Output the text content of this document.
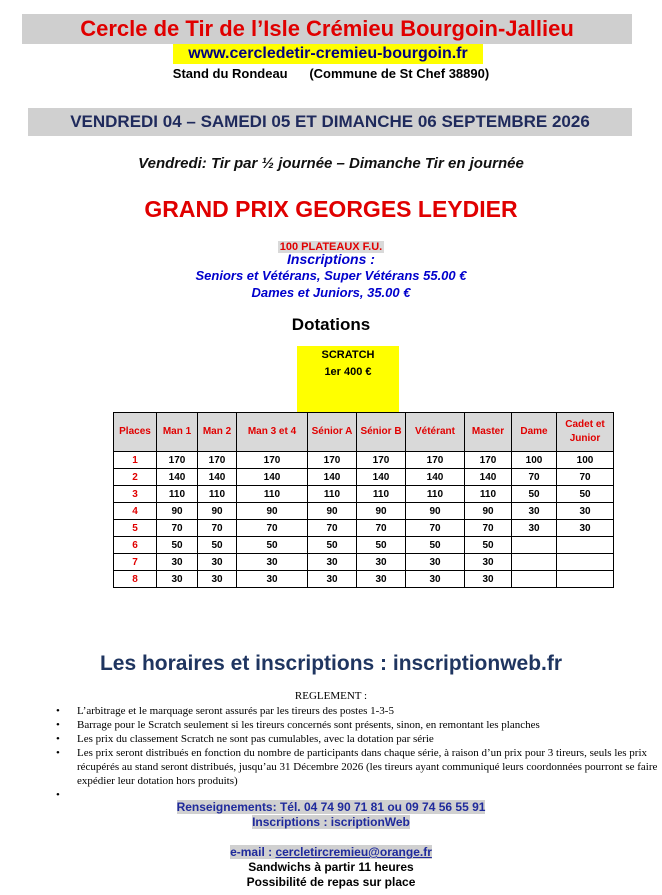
Cercle de Tir de l’Isle Crémieu Bourgoin-Jallieu
www.cercledetir-cremieu-bourgoin.fr
Stand du Rondeau (Commune de St Chef 38890)
VENDREDI 04 – SAMEDI 05 ET DIMANCHE 06 SEPTEMBRE 2026
Vendredi: Tir par ½ journée – Dimanche Tir en journée
GRAND PRIX GEORGES LEYDIER
100 PLATEAUX F.U.
Inscriptions :
Seniors et Vétérans, Super Vétérans 55.00 €
Dames et Juniors, 35.00 €
Dotations
SCRATCH
1er 400 €
Places	Man 1	Man 2	Man 3 et 4	Sénior A	Sénior B	Vétérant	Master	Dame	Cadet et Junior
1	170	170	170	170	170	170	170	100	100
2	140	140	140	140	140	140	140	70	70
3	110	110	110	110	110	110	110	50	50
4	90	90	90	90	90	90	90	30	30
5	70	70	70	70	70	70	70	30	30
6	50	50	50	50	50	50	50		
7	30	30	30	30	30	30	30		
8	30	30	30	30	30	30	30		
Les horaires et inscriptions : inscriptionweb.fr
REGLEMENT :
• L’arbitrage et le marquage seront assurés par les tireurs des postes 1-3-5
• Barrage pour le Scratch seulement si les tireurs concernés sont présents, sinon, en remontant les planches
• Les prix du classement Scratch ne sont pas cumulables, avec la dotation par série
• Les prix seront distribués en fonction du nombre de participants dans chaque série, à raison d’un prix pour 3 tireurs, seuls les prix récupérés au stand seront distribués, jusqu’au 31 Décembre 2026 (les tireurs ayant communiqué leurs coordonnées pourront se faire expédier leur dotation hors produits)
•
Renseignements: Tél. 04 74 90 71 81 ou 09 74 56 55 91
Inscriptions : iscriptionWeb
e-mail : cercletircremieu@orange.fr
Sandwichs à partir 11 heures
Possibilité de repas sur place
